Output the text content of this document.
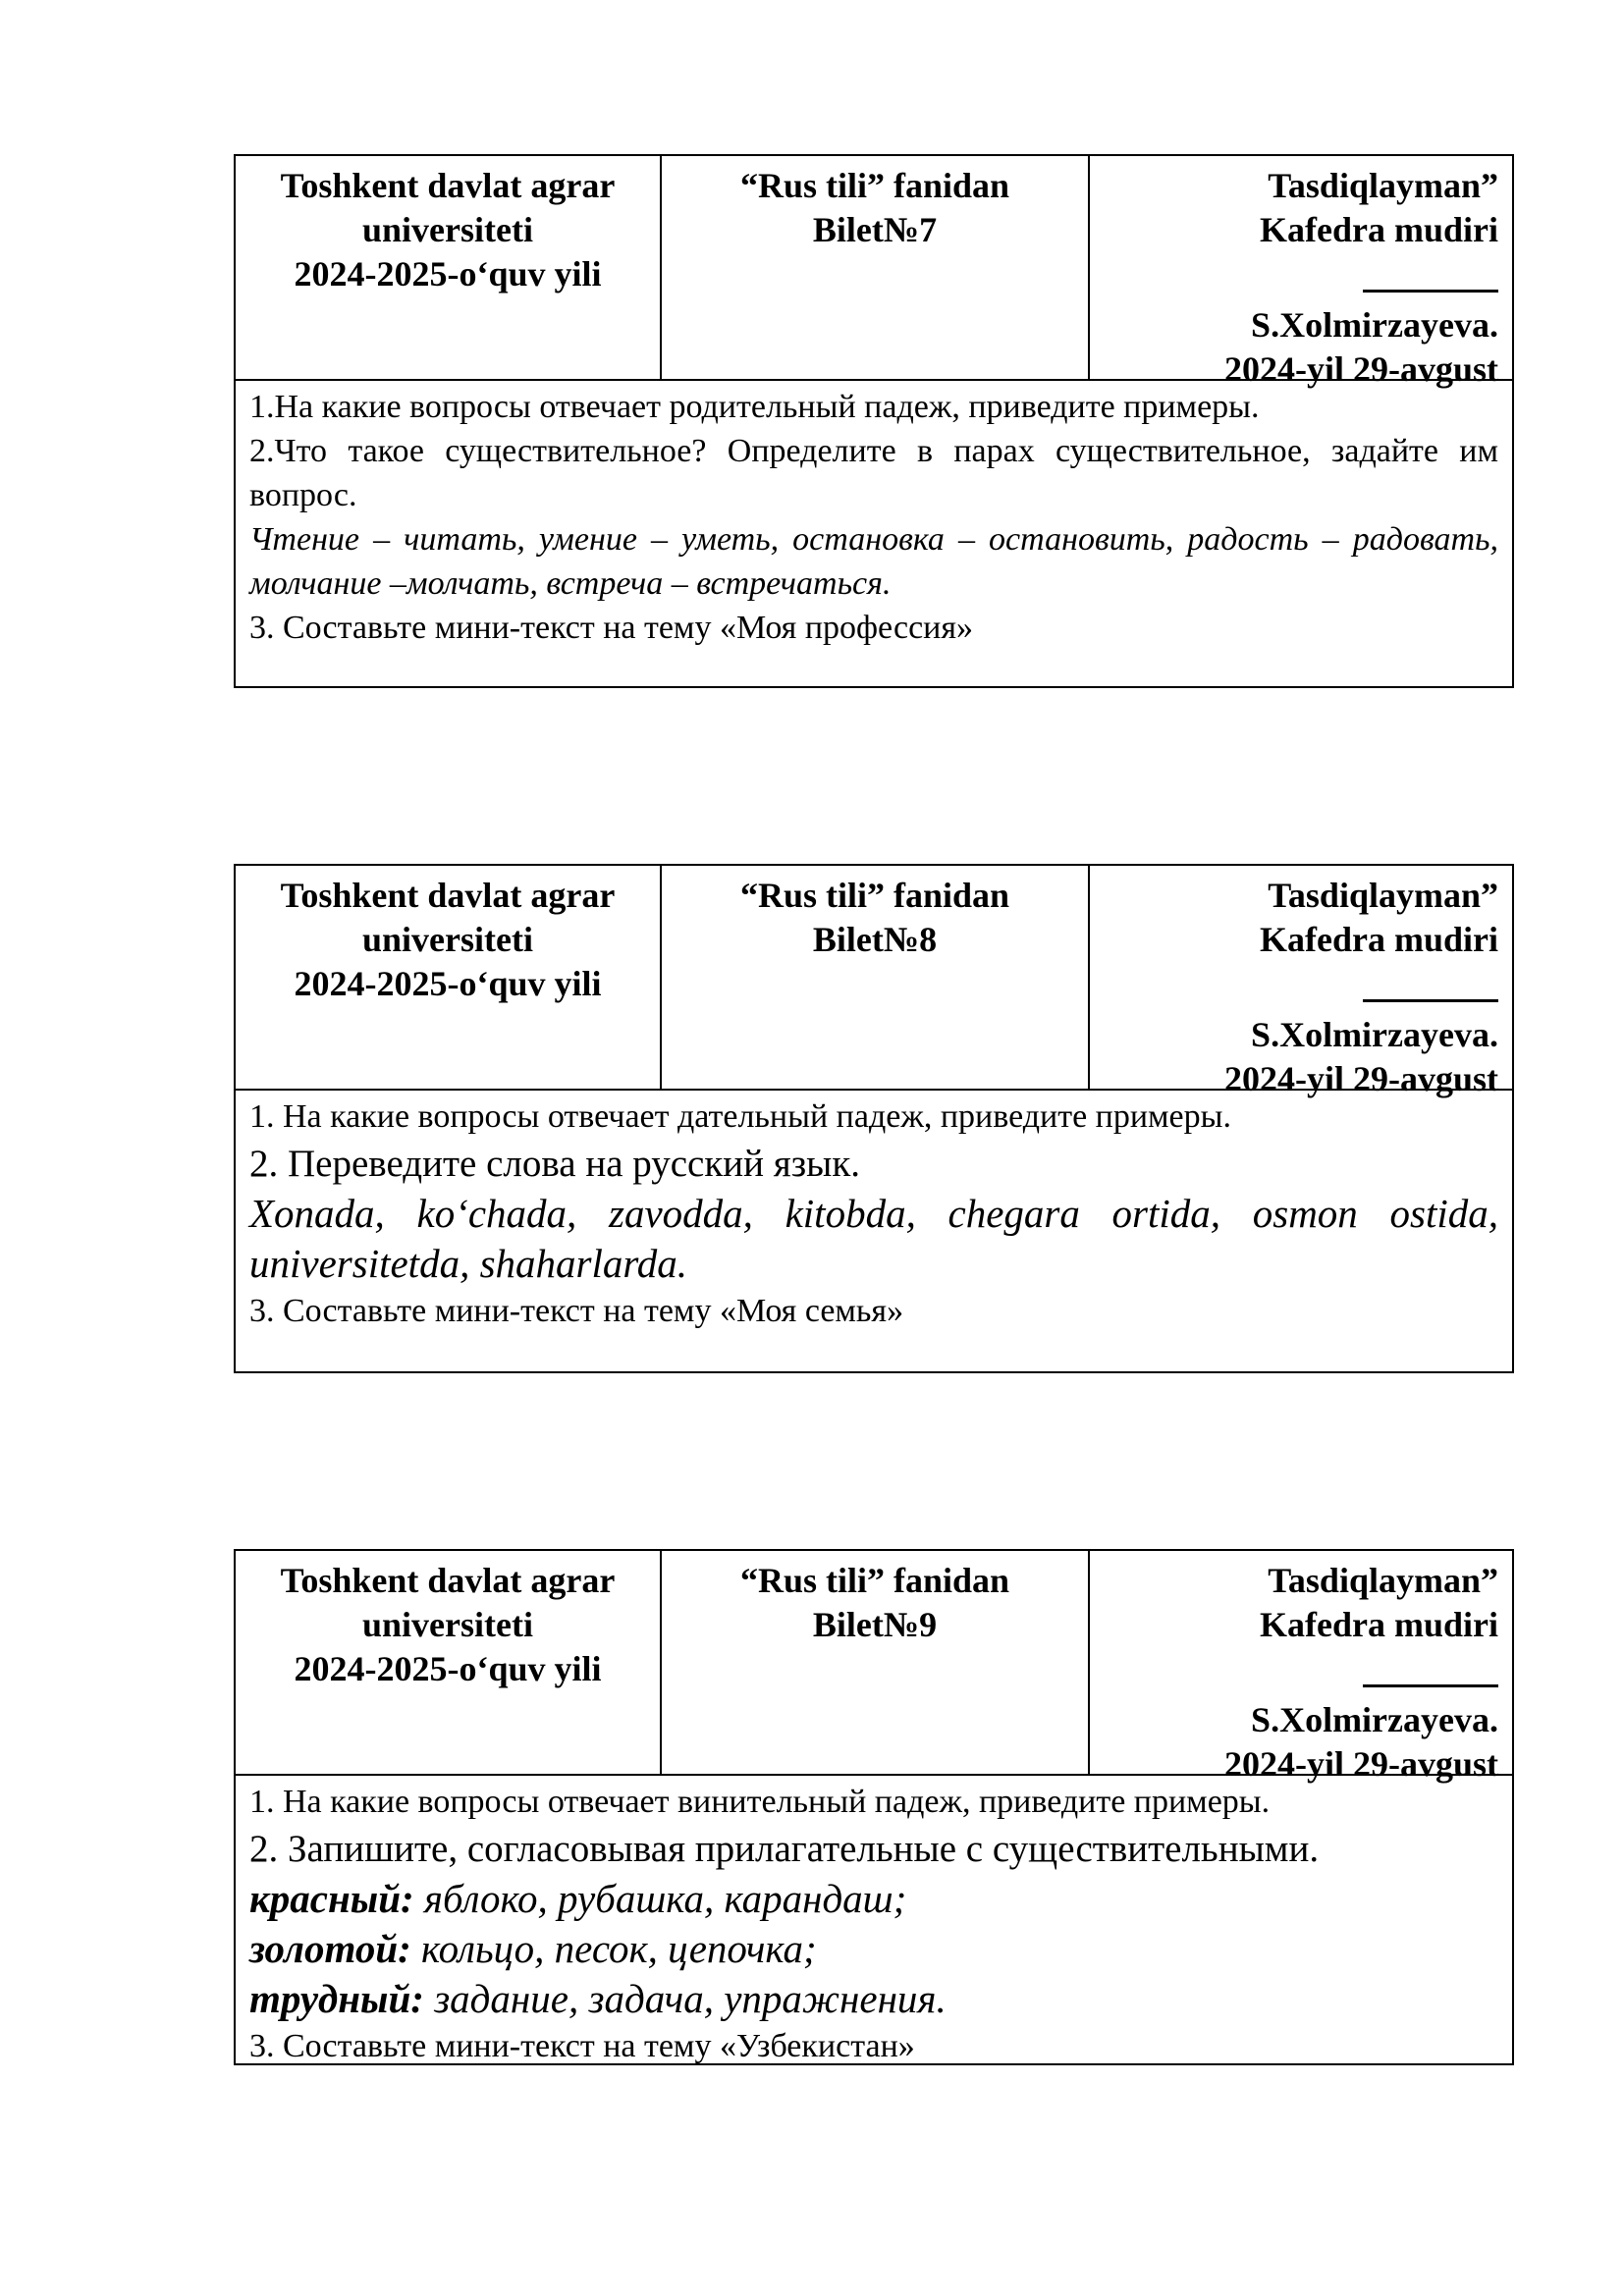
Toshkent davlat agrar
universiteti
2024-2025-o‘quv yili
“Rus tili” fanidan
Bilet№7
Tasdiqlayman”
Kafedra mudiri
S.Xolmirzayeva.
2024-yil 29-avgust
1.На какие вопросы отвечает родительный падеж, приведите примеры.
2.Что такое существительное? Определите в парах существительное, задайте им вопрос.
Чтение – читать, умение – уметь, остановка – остановить, радость – радовать, молчание –молчать, встреча – встречаться.
3. Составьте мини-текст на тему «Моя профессия»
Toshkent davlat agrar
universiteti
2024-2025-o‘quv yili
“Rus tili” fanidan
Bilet№8
Tasdiqlayman”
Kafedra mudiri
S.Xolmirzayeva.
2024-yil 29-avgust
1. На какие вопросы отвечает дательный падеж, приведите примеры.
2. Переведите слова на русский язык.
Xonada, ko‘chada, zavodda, kitobda, chegara ortida, osmon ostida, universitetda, shaharlarda.
3. Составьте мини-текст на тему «Моя семья»
Toshkent davlat agrar
universiteti
2024-2025-o‘quv yili
“Rus tili” fanidan
Bilet№9
Tasdiqlayman”
Kafedra mudiri
S.Xolmirzayeva.
2024-yil 29-avgust
1. На какие вопросы отвечает винительный падеж, приведите примеры.
2. Запишите, согласовывая прилагательные с существительными.
красный: яблоко, рубашка, карандаш;
золотой: кольцо, песок, цепочка;
трудный: задание, задача, упражнения.
3. Составьте мини-текст на тему «Узбекистан»
